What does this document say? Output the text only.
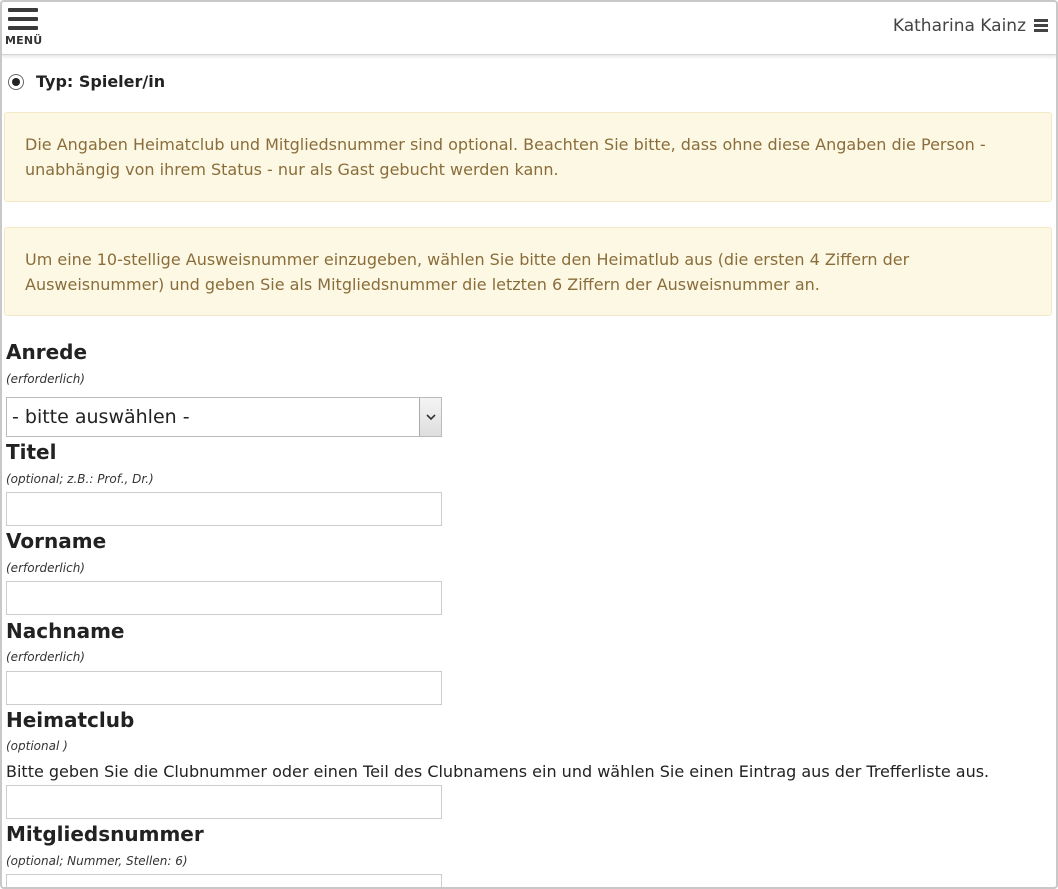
MENÜ
Katharina Kainz
Typ: Spieler/in
Die Angaben Heimatclub und Mitgliedsnummer sind optional. Beachten Sie bitte, dass ohne diese Angaben die Person - unabhängig von ihrem Status - nur als Gast gebucht werden kann.
Um eine 10-stellige Ausweisnummer einzugeben, wählen Sie bitte den Heimatlub aus (die ersten 4 Ziffern der Ausweisnummer) und geben Sie als Mitgliedsnummer die letzten 6 Ziffern der Ausweisnummer an.
Anrede
(erforderlich)
- bitte auswählen -
Titel
(optional; z.B.: Prof., Dr.)
Vorname
(erforderlich)
Nachname
(erforderlich)
Heimatclub
(optional )
Bitte geben Sie die Clubnummer oder einen Teil des Clubnamens ein und wählen Sie einen Eintrag aus der Trefferliste aus.
Mitgliedsnummer
(optional; Nummer, Stellen: 6)
